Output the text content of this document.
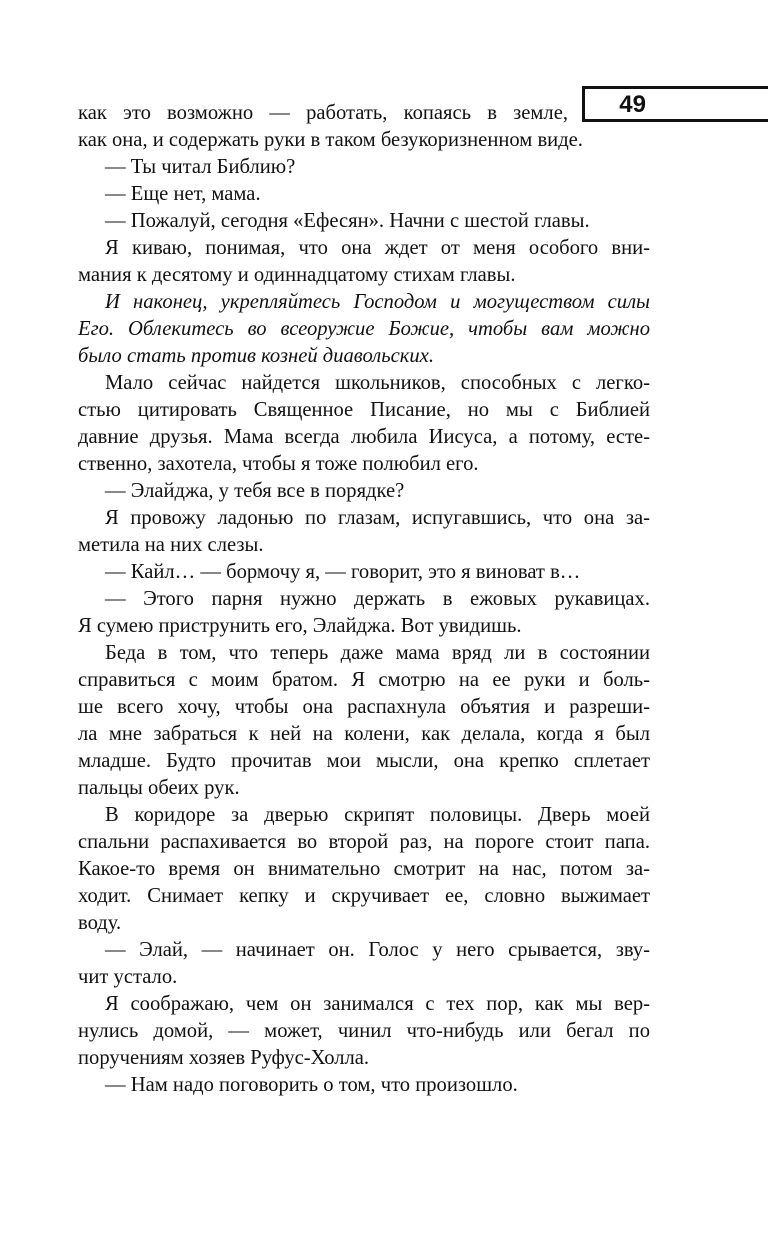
49
как это возможно — работать, копаясь в земле,
как она, и содержать руки в таком безукоризненном виде.
— Ты читал Библию?
— Еще нет, мама.
— Пожалуй, сегодня «Ефесян». Начни с шестой главы.
Я киваю, понимая, что она ждет от меня особого вни-
мания к десятому и одиннадцатому стихам главы.
И наконец, укрепляйтесь Господом и могуществом силы
Его. Облекитесь во всеоружие Божие, чтобы вам можно
было стать против козней диавольских.
Мало сейчас найдется школьников, способных с легко-
стью цитировать Священное Писание, но мы с Библией
давние друзья. Мама всегда любила Иисуса, а потому, есте-
ственно, захотела, чтобы я тоже полюбил его.
— Элайджа, у тебя все в порядке?
Я провожу ладонью по глазам, испугавшись, что она за-
метила на них слезы.
— Кайл… — бормочу я, — говорит, это я виноват в…
— Этого парня нужно держать в ежовых рукавицах.
Я сумею приструнить его, Элайджа. Вот увидишь.
Беда в том, что теперь даже мама вряд ли в состоянии
справиться с моим братом. Я смотрю на ее руки и боль-
ше всего хочу, чтобы она распахнула объятия и разреши-
ла мне забраться к ней на колени, как делала, когда я был
младше. Будто прочитав мои мысли, она крепко сплетает
пальцы обеих рук.
В коридоре за дверью скрипят половицы. Дверь моей
спальни распахивается во второй раз, на пороге стоит папа.
Какое-то время он внимательно смотрит на нас, потом за-
ходит. Снимает кепку и скручивает ее, словно выжимает
воду.
— Элай, — начинает он. Голос у него срывается, зву-
чит устало.
Я соображаю, чем он занимался с тех пор, как мы вер-
нулись домой, — может, чинил что-нибудь или бегал по
поручениям хозяев Руфус-Холла.
— Нам надо поговорить о том, что произошло.
